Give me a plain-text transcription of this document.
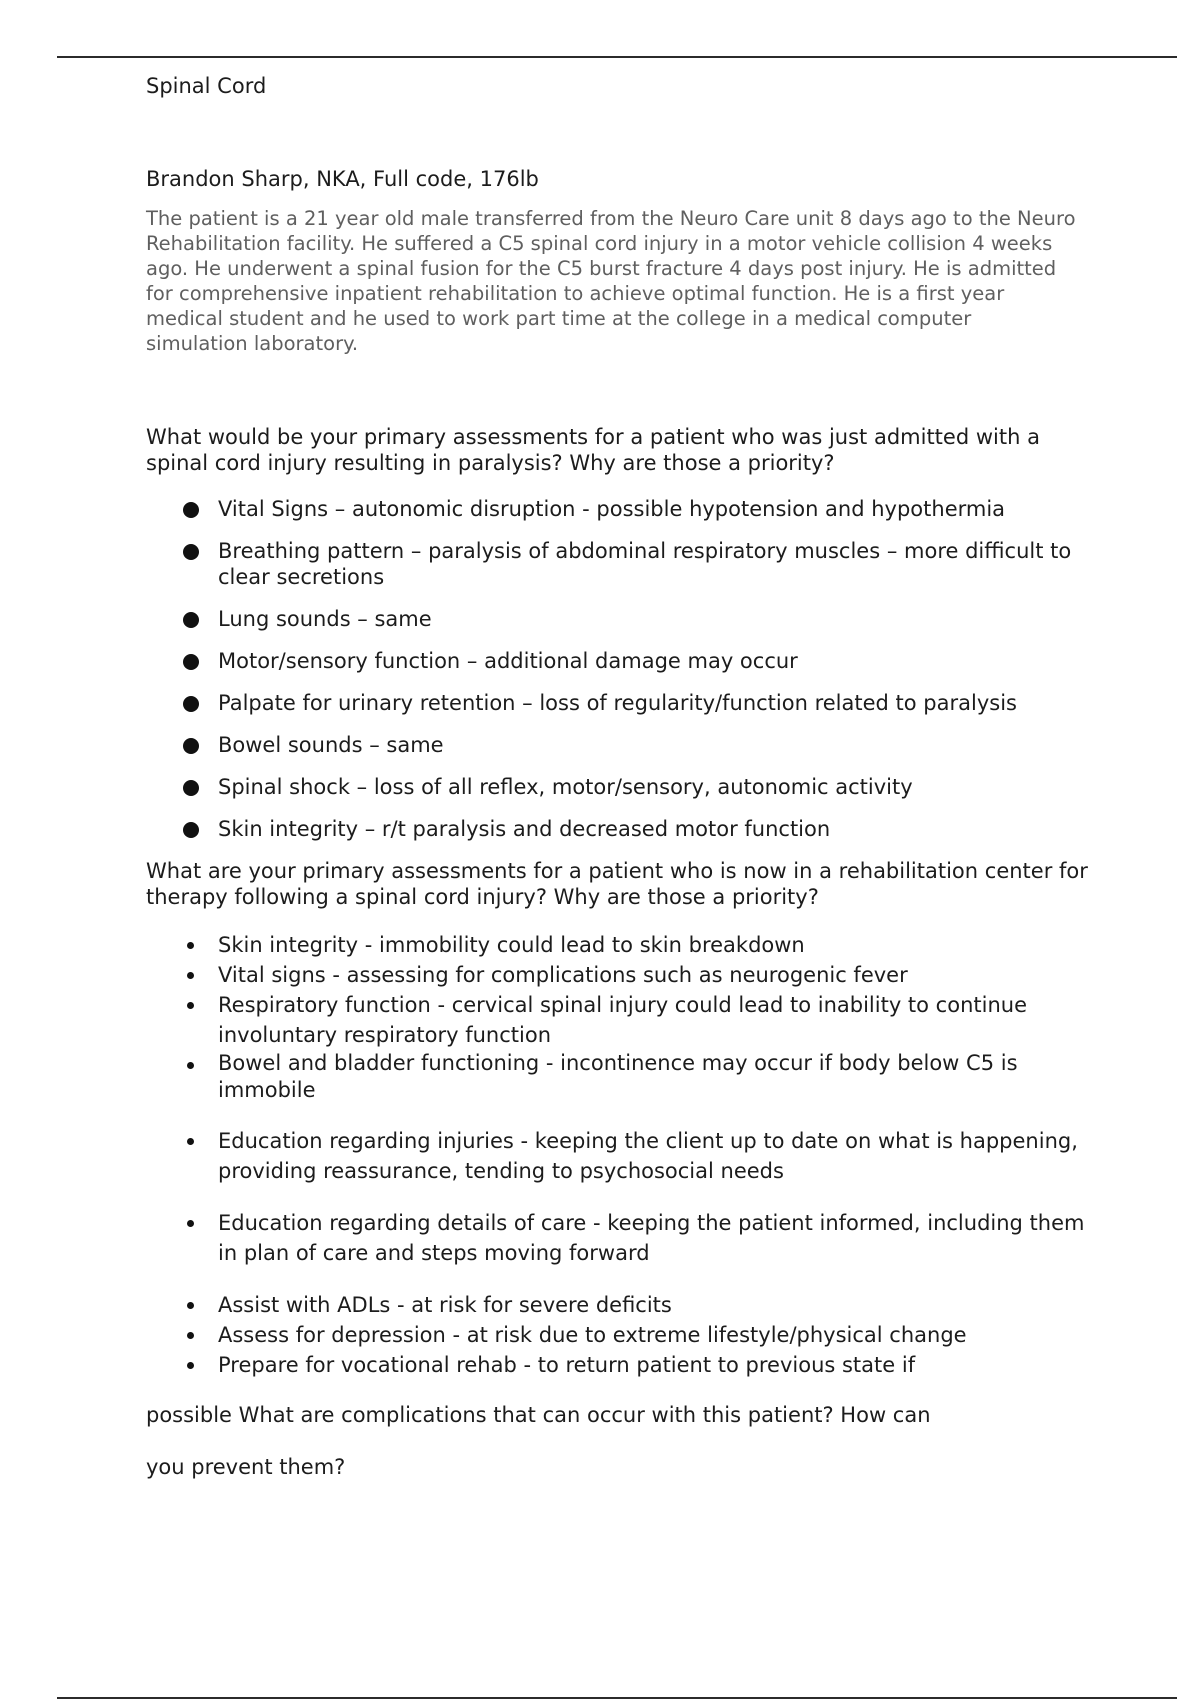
Spinal Cord

Brandon Sharp, NKA, Full code, 176lb

The patient is a 21 year old male transferred from the Neuro Care unit 8 days ago to the Neuro Rehabilitation facility. He suffered a C5 spinal cord injury in a motor vehicle collision 4 weeks ago. He underwent a spinal fusion for the C5 burst fracture 4 days post injury. He is admitted for comprehensive inpatient rehabilitation to achieve optimal function. He is a first year medical student and he used to work part time at the college in a medical computer simulation laboratory.

What would be your primary assessments for a patient who was just admitted with a spinal cord injury resulting in paralysis? Why are those a priority?

Vital Signs – autonomic disruption - possible hypotension and hypothermia
Breathing pattern – paralysis of abdominal respiratory muscles – more difficult to clear secretions
Lung sounds – same
Motor/sensory function – additional damage may occur
Palpate for urinary retention – loss of regularity/function related to paralysis
Bowel sounds – same
Spinal shock – loss of all reflex, motor/sensory, autonomic activity
Skin integrity – r/t paralysis and decreased motor function

What are your primary assessments for a patient who is now in a rehabilitation center for therapy following a spinal cord injury? Why are those a priority?

Skin integrity - immobility could lead to skin breakdown
Vital signs - assessing for complications such as neurogenic fever
Respiratory function - cervical spinal injury could lead to inability to continue involuntary respiratory function
Bowel and bladder functioning - incontinence may occur if body below C5 is immobile
Education regarding injuries - keeping the client up to date on what is happening, providing reassurance, tending to psychosocial needs
Education regarding details of care - keeping the patient informed, including them in plan of care and steps moving forward
Assist with ADLs - at risk for severe deficits
Assess for depression - at risk due to extreme lifestyle/physical change
Prepare for vocational rehab - to return patient to previous state if

possible What are complications that can occur with this patient? How can

you prevent them?
